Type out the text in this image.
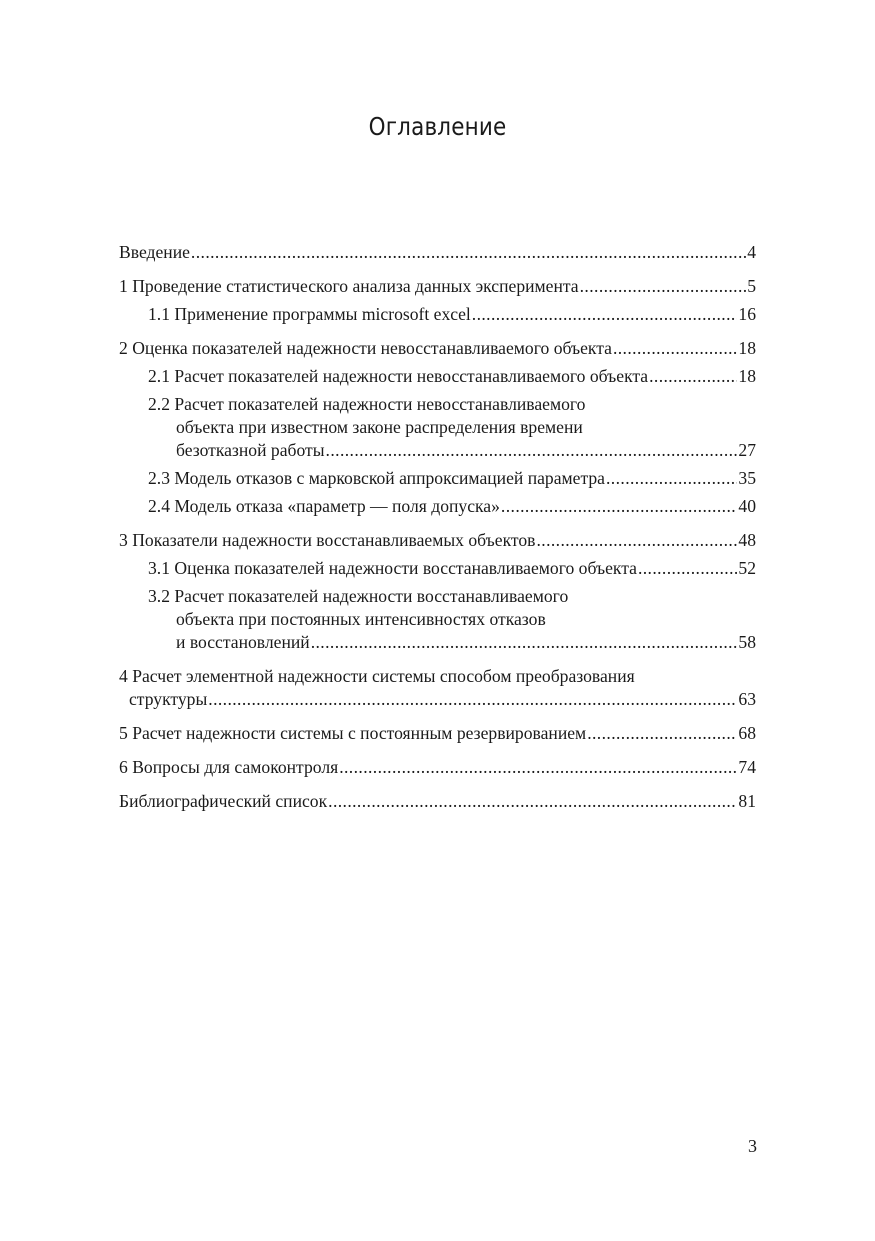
Оглавление
Введение .....	4
1 Проведение статистического анализа данных эксперимента .....	5
1.1 Применение программы microsoft excel .....	16
2 Оценка показателей надежности невосстанавливаемого объекта .....	18
2.1 Расчет показателей надежности невосстанавливаемого объекта .....	18
2.2 Расчет показателей надежности невосстанавливаемого
объекта при известном законе распределения времени
безотказной работы .....	27
2.3 Модель отказов с марковской аппроксимацией параметра .....	35
2.4 Модель отказа «параметр — поля допуска» .....	40
3 Показатели надежности восстанавливаемых объектов .....	48
3.1 Оценка показателей надежности восстанавливаемого объекта .....	52
3.2 Расчет показателей надежности восстанавливаемого
объекта при постоянных интенсивностях отказов
и восстановлений .....	58
4 Расчет элементной надежности системы способом преобразования
структуры .....	63
5 Расчет надежности системы с постоянным резервированием .....	68
6 Вопросы для самоконтроля .....	74
Библиографический список .....	81
3
